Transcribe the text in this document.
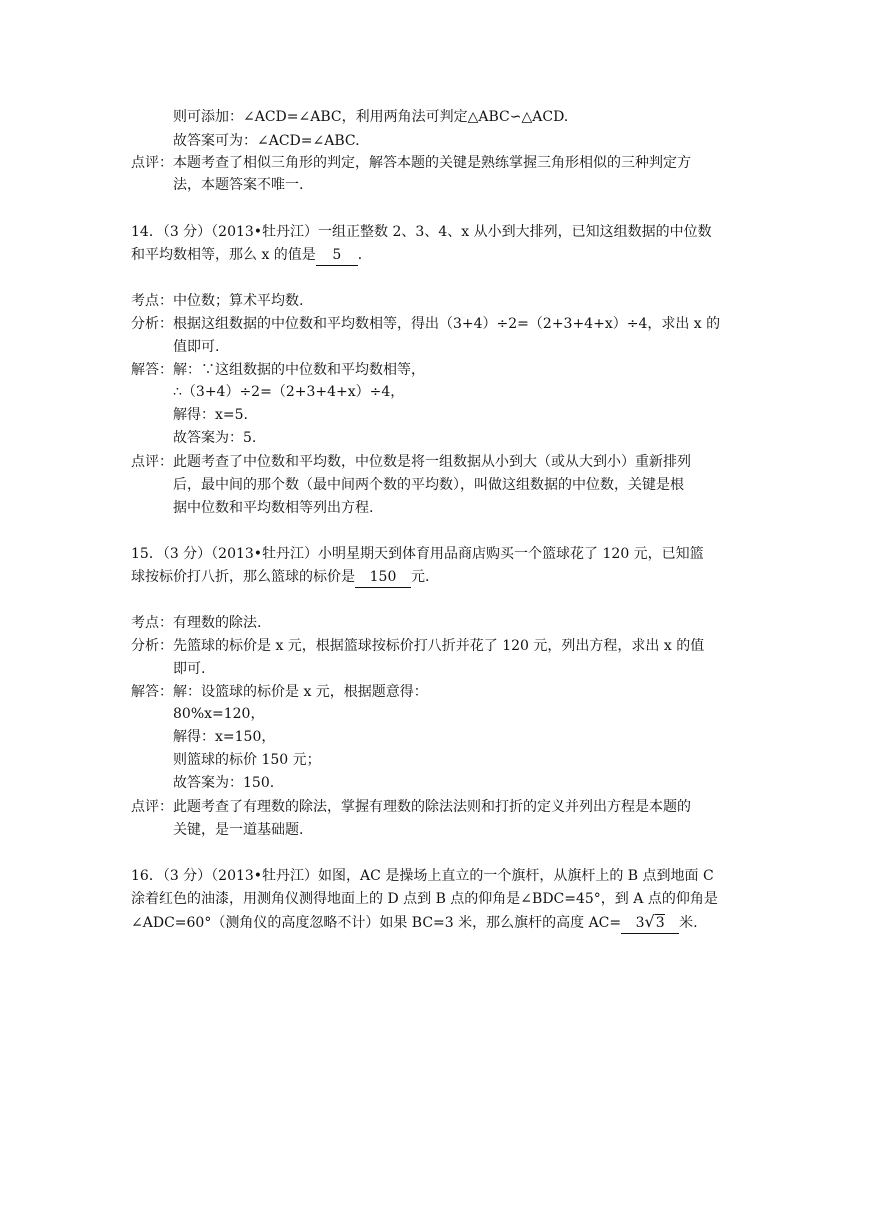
则可添加：∠ACD=∠ABC，利用两角法可判定△ABC∽△ACD.
故答案可为：∠ACD=∠ABC.
点评： 本题考查了相似三角形的判定，解答本题的关键是熟练掌握三角形相似的三种判定方
法，本题答案不唯一.
14．（3 分）（2013•牡丹江）一组正整数 2、3、4、x 从小到大排列，已知这组数据的中位数
和平均数相等，那么 x 的值是 5 ．
考点： 中位数；算术平均数.
分析： 根据这组数据的中位数和平均数相等，得出（3+4）÷2=（2+3+4+x）÷4，求出 x 的
值即可.
解答： 解：∵这组数据的中位数和平均数相等，
∴（3+4）÷2=（2+3+4+x）÷4，
解得：x=5.
故答案为：5.
点评： 此题考查了中位数和平均数，中位数是将一组数据从小到大（或从大到小）重新排列
后，最中间的那个数（最中间两个数的平均数），叫做这组数据的中位数，关键是根
据中位数和平均数相等列出方程.
15．（3 分）（2013•牡丹江）小明星期天到体育用品商店购买一个篮球花了 120 元，已知篮
球按标价打八折，那么篮球的标价是 150 元.
考点： 有理数的除法.
分析： 先篮球的标价是 x 元，根据篮球按标价打八折并花了 120 元，列出方程，求出 x 的值
即可.
解答： 解：设篮球的标价是 x 元，根据题意得：
80%x=120，
解得：x=150，
则篮球的标价 150 元；
故答案为：150.
点评： 此题考查了有理数的除法，掌握有理数的除法法则和打折的定义并列出方程是本题的
关键，是一道基础题.
16．（3 分）（2013•牡丹江）如图，AC 是操场上直立的一个旗杆，从旗杆上的 B 点到地面 C
涂着红色的油漆，用测角仪测得地面上的 D 点到 B 点的仰角是∠BDC=45°，到 A 点的仰角是
∠ADC=60°（测角仪的高度忽略不计）如果 BC=3 米，那么旗杆的高度 AC= 3√3 米.
